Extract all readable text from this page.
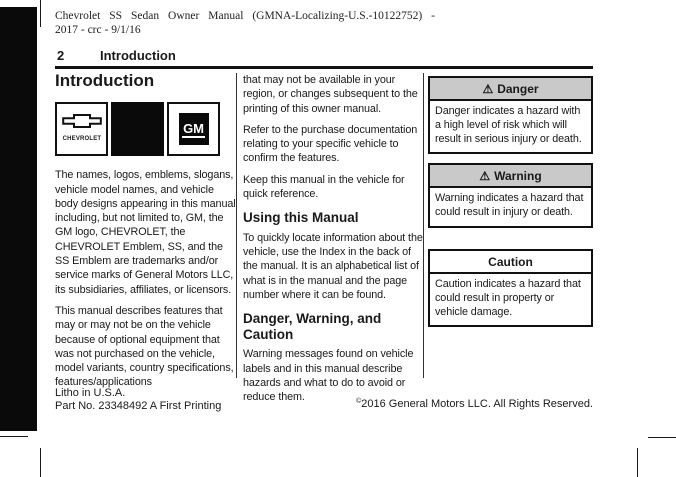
Chevrolet SS Sedan Owner Manual (GMNA-Localizing-U.S.-10122752) -
2017 - crc - 9/1/16
2	Introduction
Introduction
CHEVROLET
GM

The names, logos, emblems, slogans, vehicle model names, and vehicle body designs appearing in this manual including, but not limited to, GM, the GM logo, CHEVROLET, the CHEVROLET Emblem, SS, and the SS Emblem are trademarks and/or service marks of General Motors LLC, its subsidiaries, affiliates, or licensors.

This manual describes features that may or may not be on the vehicle because of optional equipment that was not purchased on the vehicle, model variants, country specifications, features/applications

that may not be available in your region, or changes subsequent to the printing of this owner manual.

Refer to the purchase documentation relating to your specific vehicle to confirm the features.

Keep this manual in the vehicle for quick reference.

Using this Manual

To quickly locate information about the vehicle, use the Index in the back of the manual. It is an alphabetical list of what is in the manual and the page number where it can be found.

Danger, Warning, and Caution

Warning messages found on vehicle labels and in this manual describe hazards and what to do to avoid or reduce them.

⚠ Danger
Danger indicates a hazard with a high level of risk which will result in serious injury or death.
⚠ Warning
Warning indicates a hazard that could result in injury or death.
Caution
Caution indicates a hazard that could result in property or vehicle damage.
Litho in U.S.A.
Part No. 23348492 A First Printing	©2016 General Motors LLC. All Rights Reserved.
